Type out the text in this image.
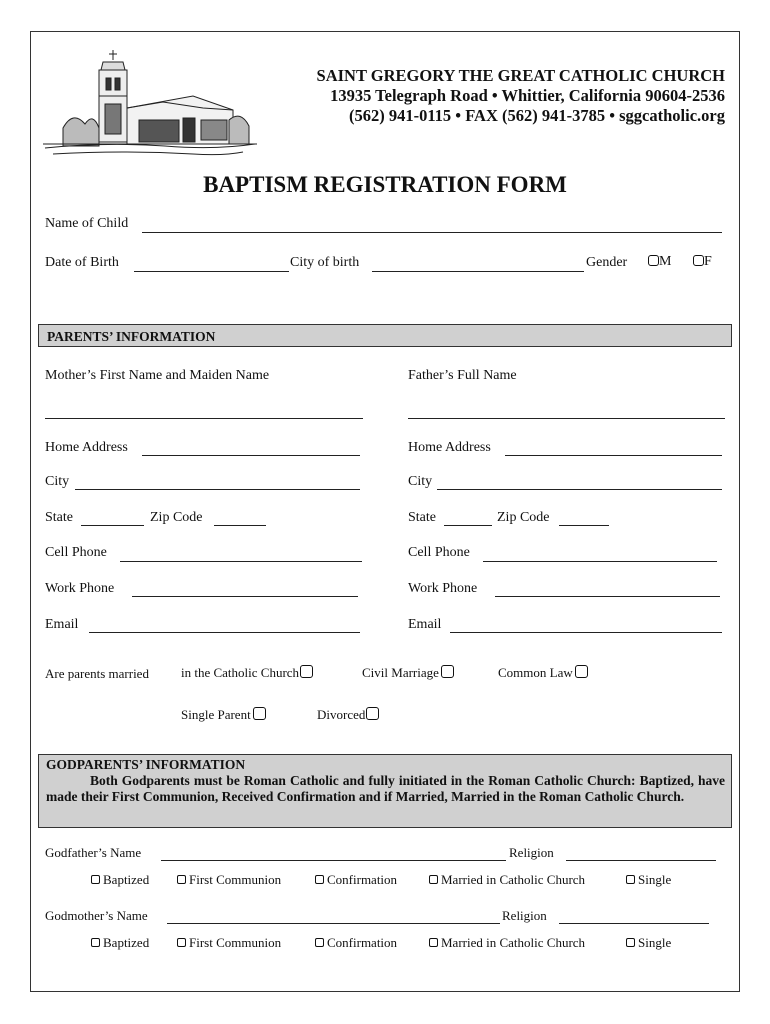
SAINT GREGORY THE GREAT CATHOLIC CHURCH
13935 Telegraph Road • Whittier, California 90604-2536
(562) 941-0115 • FAX (562) 941-3785 • sggcatholic.org
BAPTISM REGISTRATION FORM
Name of Child
Date of Birth	City of birth	Gender	M	F
PARENTS’ INFORMATION
Mother’s First Name and Maiden Name	Father’s Full Name
Home Address	Home Address
City	City
State	Zip Code	State	Zip Code
Cell Phone	Cell Phone
Work Phone	Work Phone
Email	Email
Are parents married in the Catholic Church	Civil Marriage	Common Law
Single Parent	Divorced
GODPARENTS’ INFORMATION
Both Godparents must be Roman Catholic and fully initiated in the Roman Catholic Church: Baptized, have made their First Communion, Received Confirmation and if Married, Married in the Roman Catholic Church.
Godfather’s Name	Religion
Baptized	First Communion	Confirmation	Married in Catholic Church	Single
Godmother’s Name	Religion
Baptized	First Communion	Confirmation	Married in Catholic Church	Single
